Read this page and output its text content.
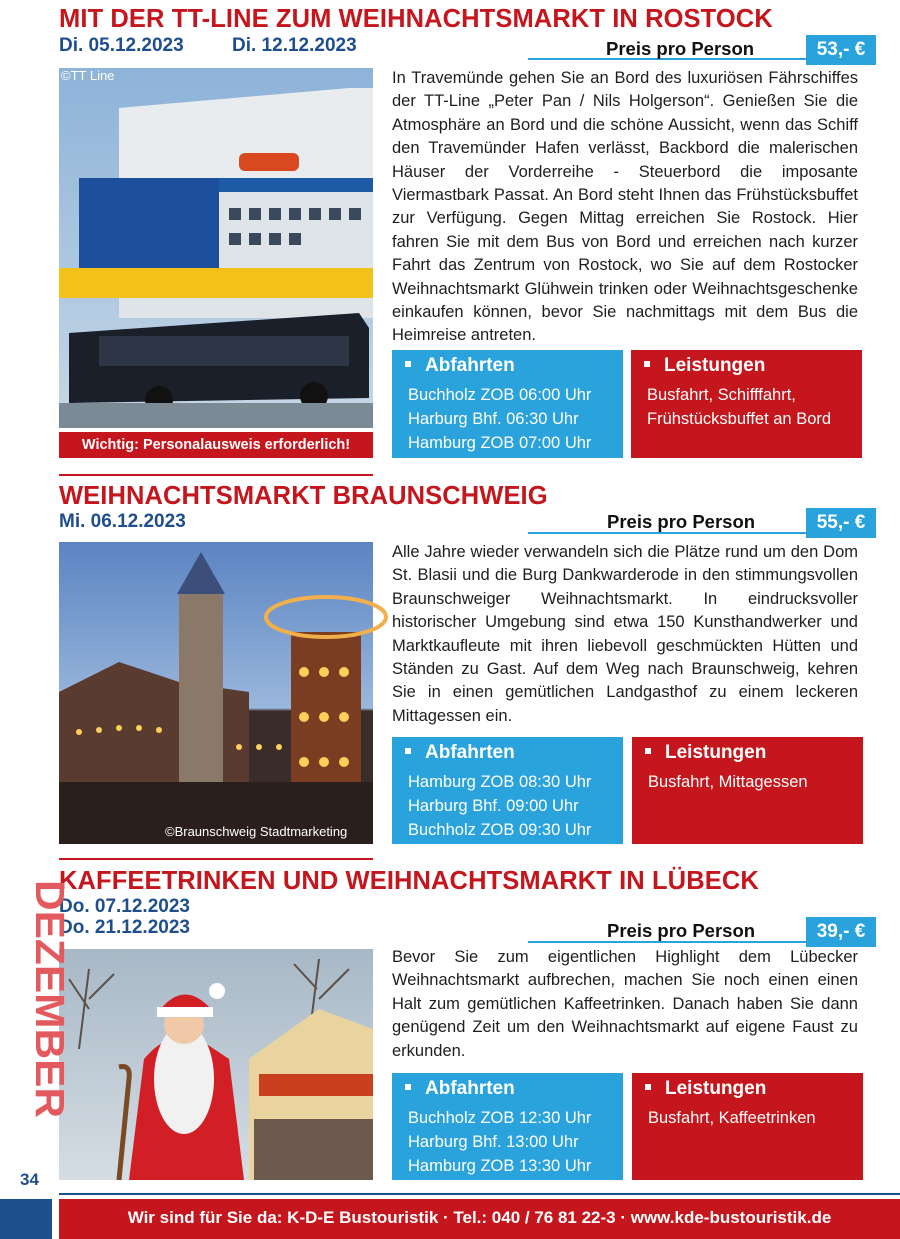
MIT DER TT-LINE ZUM WEIHNACHTSMARKT IN ROSTOCK
Di. 05.12.2023	Di. 12.12.2023	Preis pro Person	53,- €
©TT Line
Wichtig: Personalausweis erforderlich!
In Travemünde gehen Sie an Bord des luxuriösen Fährschiffes der TT-Line „Peter Pan / Nils Holgerson“. Genießen Sie die Atmosphäre an Bord und die schöne Aussicht, wenn das Schiff den Travemünder Hafen verlässt, Backbord die malerischen Häuser der Vorderreihe - Steuerbord die imposante Viermastbark Passat. An Bord steht Ihnen das Frühstücksbuffet zur Verfügung. Gegen Mittag erreichen Sie Rostock. Hier fahren Sie mit dem Bus von Bord und erreichen nach kurzer Fahrt das Zentrum von Rostock, wo Sie auf dem Rostocker Weihnachtsmarkt Glühwein trinken oder Weihnachtsgeschenke einkaufen können, bevor Sie nachmittags mit dem Bus die Heimreise antreten.
Abfahrten
Buchholz ZOB 06:00 Uhr
Harburg Bhf. 06:30 Uhr
Hamburg ZOB 07:00 Uhr
Leistungen
Busfahrt, Schifffahrt,
Frühstücksbuffet an Bord
WEIHNACHTSMARKT BRAUNSCHWEIG
Mi. 06.12.2023	Preis pro Person	55,- €
©Braunschweig Stadtmarketing
Alle Jahre wieder verwandeln sich die Plätze rund um den Dom St. Blasii und die Burg Dankwarderode in den stimmungsvollen Braunschweiger Weihnachtsmarkt. In eindrucksvoller historischer Umgebung sind etwa 150 Kunsthandwerker und Marktkaufleute mit ihren liebevoll geschmückten Hütten und Ständen zu Gast. Auf dem Weg nach Braunschweig, kehren Sie in einen gemütlichen Landgasthof zu einem leckeren Mittagessen ein.
Abfahrten
Hamburg ZOB 08:30 Uhr
Harburg Bhf. 09:00 Uhr
Buchholz ZOB 09:30 Uhr
Leistungen
Busfahrt, Mittagessen
KAFFEETRINKEN UND WEIHNACHTSMARKT IN LÜBECK
Do. 07.12.2023
Do. 21.12.2023	Preis pro Person	39,- €
Bevor Sie zum eigentlichen Highlight dem Lübecker Weihnachtsmarkt aufbrechen, machen Sie noch einen einen Halt zum gemütlichen Kaffeetrinken. Danach haben Sie dann genügend Zeit um den Weihnachtsmarkt auf eigene Faust zu erkunden.
Abfahrten
Buchholz ZOB 12:30 Uhr
Harburg Bhf. 13:00 Uhr
Hamburg ZOB 13:30 Uhr
Leistungen
Busfahrt, Kaffeetrinken
DEZEMBER
34
Wir sind für Sie da: K-D-E Bustouristik · Tel.: 040 / 76 81 22-3 · www.kde-bustouristik.de
